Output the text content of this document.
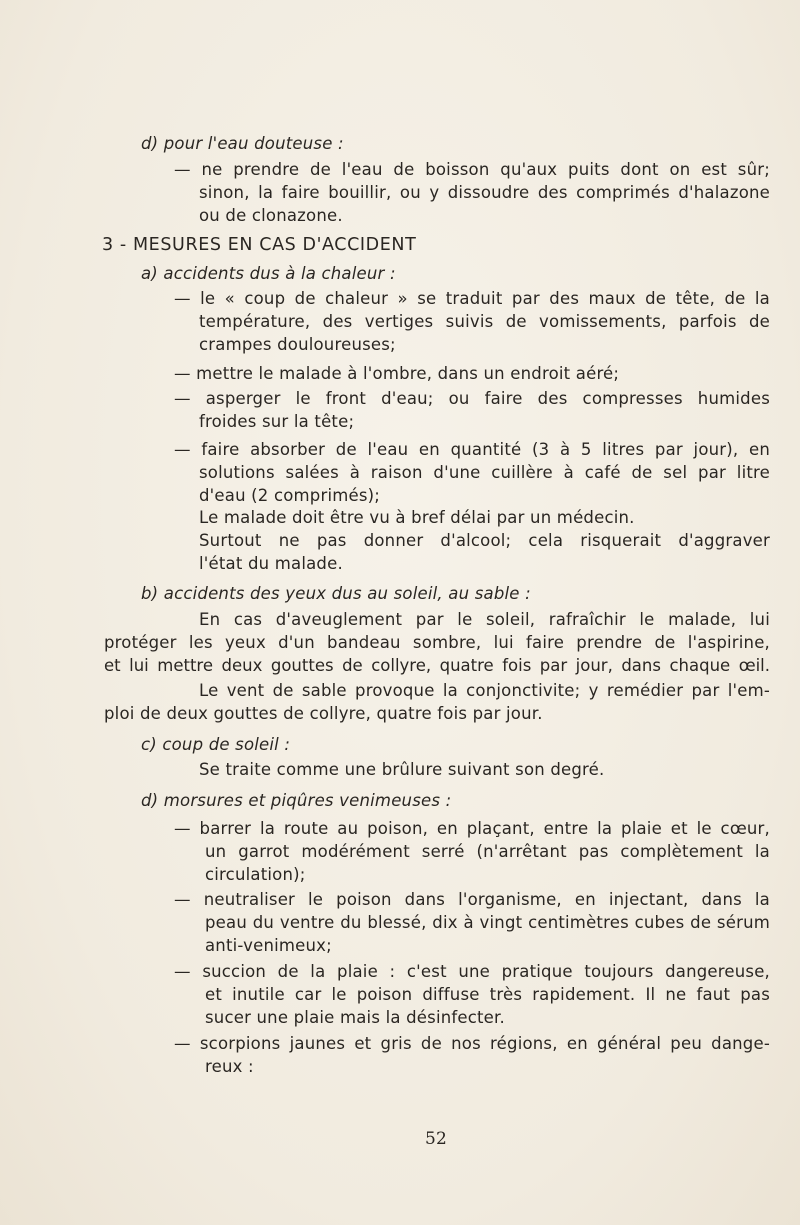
d) pour l'eau douteuse :
— ne prendre de l'eau de boisson qu'aux puits dont on est sûr;
sinon, la faire bouillir, ou y dissoudre des comprimés d'halazone
ou de clonazone.
3 - MESURES EN CAS D'ACCIDENT
a) accidents dus à la chaleur :
— le « coup de chaleur » se traduit par des maux de tête, de la
température, des vertiges suivis de vomissements, parfois de
crampes douloureuses;
— mettre le malade à l'ombre, dans un endroit aéré;
— asperger le front d'eau; ou faire des compresses humides
froides sur la tête;
— faire absorber de l'eau en quantité (3 à 5 litres par jour), en
solutions salées à raison d'une cuillère à café de sel par litre
d'eau (2 comprimés);
Le malade doit être vu à bref délai par un médecin.
Surtout ne pas donner d'alcool; cela risquerait d'aggraver
l'état du malade.
b) accidents des yeux dus au soleil, au sable :
En cas d'aveuglement par le soleil, rafraîchir le malade, lui
protéger les yeux d'un bandeau sombre, lui faire prendre de l'aspirine,
et lui mettre deux gouttes de collyre, quatre fois par jour, dans chaque œil.
Le vent de sable provoque la conjonctivite; y remédier par l'em-
ploi de deux gouttes de collyre, quatre fois par jour.
c) coup de soleil :
Se traite comme une brûlure suivant son degré.
d) morsures et piqûres venimeuses :
— barrer la route au poison, en plaçant, entre la plaie et le cœur,
un garrot modérément serré (n'arrêtant pas complètement la
circulation);
— neutraliser le poison dans l'organisme, en injectant, dans la
peau du ventre du blessé, dix à vingt centimètres cubes de sérum
anti-venimeux;
— succion de la plaie : c'est une pratique toujours dangereuse,
et inutile car le poison diffuse très rapidement. Il ne faut pas
sucer une plaie mais la désinfecter.
— scorpions jaunes et gris de nos régions, en général peu dange-
reux :
52
